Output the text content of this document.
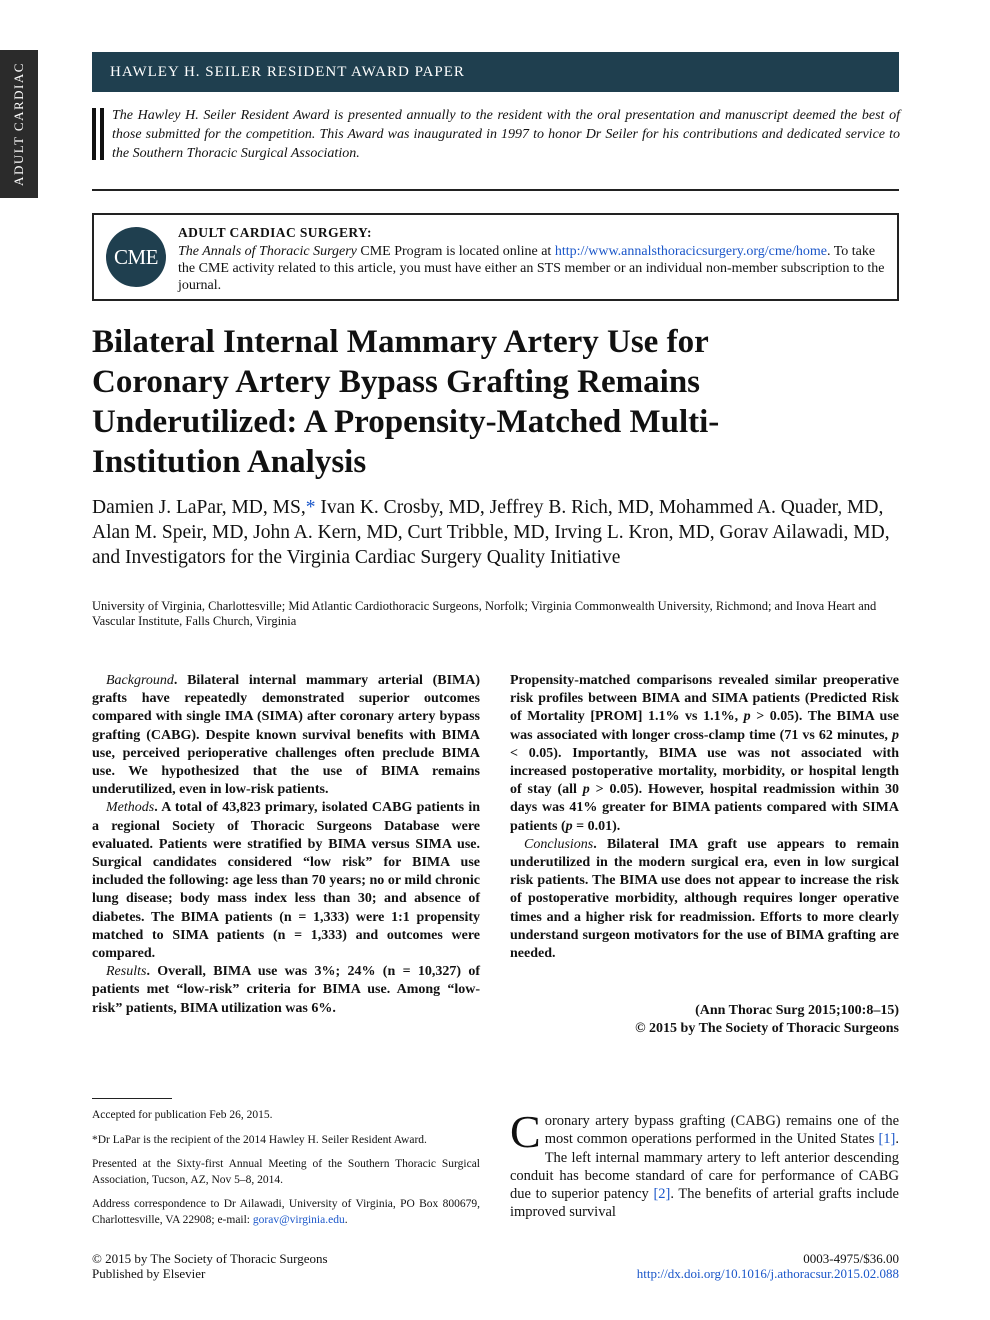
ADULT CARDIAC	HAWLEY H. SEILER RESIDENT AWARD PAPER
The Hawley H. Seiler Resident Award is presented annually to the resident with the oral presentation and manuscript deemed the best of those submitted for the competition. This Award was inaugurated in 1997 to honor Dr Seiler for his contributions and dedicated service to the Southern Thoracic Surgical Association.
CME
ADULT CARDIAC SURGERY:
The Annals of Thoracic Surgery CME Program is located online at http://www.annalsthoracicsurgery.org/cme/home. To take the CME activity related to this article, you must have either an STS member or an individual non-member subscription to the journal.
Bilateral Internal Mammary Artery Use for Coronary Artery Bypass Grafting Remains Underutilized: A Propensity-Matched Multi-Institution Analysis
Damien J. LaPar, MD, MS,* Ivan K. Crosby, MD, Jeffrey B. Rich, MD, Mohammed A. Quader, MD, Alan M. Speir, MD, John A. Kern, MD, Curt Tribble, MD, Irving L. Kron, MD, Gorav Ailawadi, MD, and Investigators for the Virginia Cardiac Surgery Quality Initiative
University of Virginia, Charlottesville; Mid Atlantic Cardiothoracic Surgeons, Norfolk; Virginia Commonwealth University, Richmond; and Inova Heart and Vascular Institute, Falls Church, Virginia

Background. Bilateral internal mammary arterial (BIMA) grafts have repeatedly demonstrated superior outcomes compared with single IMA (SIMA) after coronary artery bypass grafting (CABG). Despite known survival benefits with BIMA use, perceived perioperative challenges often preclude BIMA use. We hypothesized that the use of BIMA remains underutilized, even in low-risk patients.

Methods. A total of 43,823 primary, isolated CABG patients in a regional Society of Thoracic Surgeons Database were evaluated. Patients were stratified by BIMA versus SIMA use. Surgical candidates considered “low risk” for BIMA use included the following: age less than 70 years; no or mild chronic lung disease; body mass index less than 30; and absence of diabetes. The BIMA patients (n = 1,333) were 1:1 propensity matched to SIMA patients (n = 1,333) and outcomes were compared.

Results. Overall, BIMA use was 3%; 24% (n = 10,327) of patients met “low-risk” criteria for BIMA use. Among “low-risk” patients, BIMA utilization was 6%.

Propensity-matched comparisons revealed similar preoperative risk profiles between BIMA and SIMA patients (Predicted Risk of Mortality [PROM] 1.1% vs 1.1%, p > 0.05). The BIMA use was associated with longer cross-clamp time (71 vs 62 minutes, p < 0.05). Importantly, BIMA use was not associated with increased postoperative mortality, morbidity, or hospital length of stay (all p > 0.05). However, hospital readmission within 30 days was 41% greater for BIMA patients compared with SIMA patients (p = 0.01).

Conclusions. Bilateral IMA graft use appears to remain underutilized in the modern surgical era, even in low surgical risk patients. The BIMA use does not appear to increase the risk of postoperative morbidity, although requires longer operative times and a higher risk for readmission. Efforts to more clearly understand surgeon motivators for the use of BIMA grafting are needed.

(Ann Thorac Surg 2015;100:8–15)
© 2015 by The Society of Thoracic Surgeons

Accepted for publication Feb 26, 2015.

*Dr LaPar is the recipient of the 2014 Hawley H. Seiler Resident Award.

Presented at the Sixty-first Annual Meeting of the Southern Thoracic Surgical Association, Tucson, AZ, Nov 5–8, 2014.

Address correspondence to Dr Ailawadi, University of Virginia, PO Box 800679, Charlottesville, VA 22908; e-mail: gorav@virginia.edu.

Coronary artery bypass grafting (CABG) remains one of the most common operations performed in the United States [1]. The left internal mammary artery to left anterior descending conduit has become standard of care for performance of CABG due to superior patency [2]. The benefits of arterial grafts include improved survival
© 2015 by The Society of Thoracic Surgeons
Published by Elsevier
0003-4975/$36.00
http://dx.doi.org/10.1016/j.athoracsur.2015.02.088
